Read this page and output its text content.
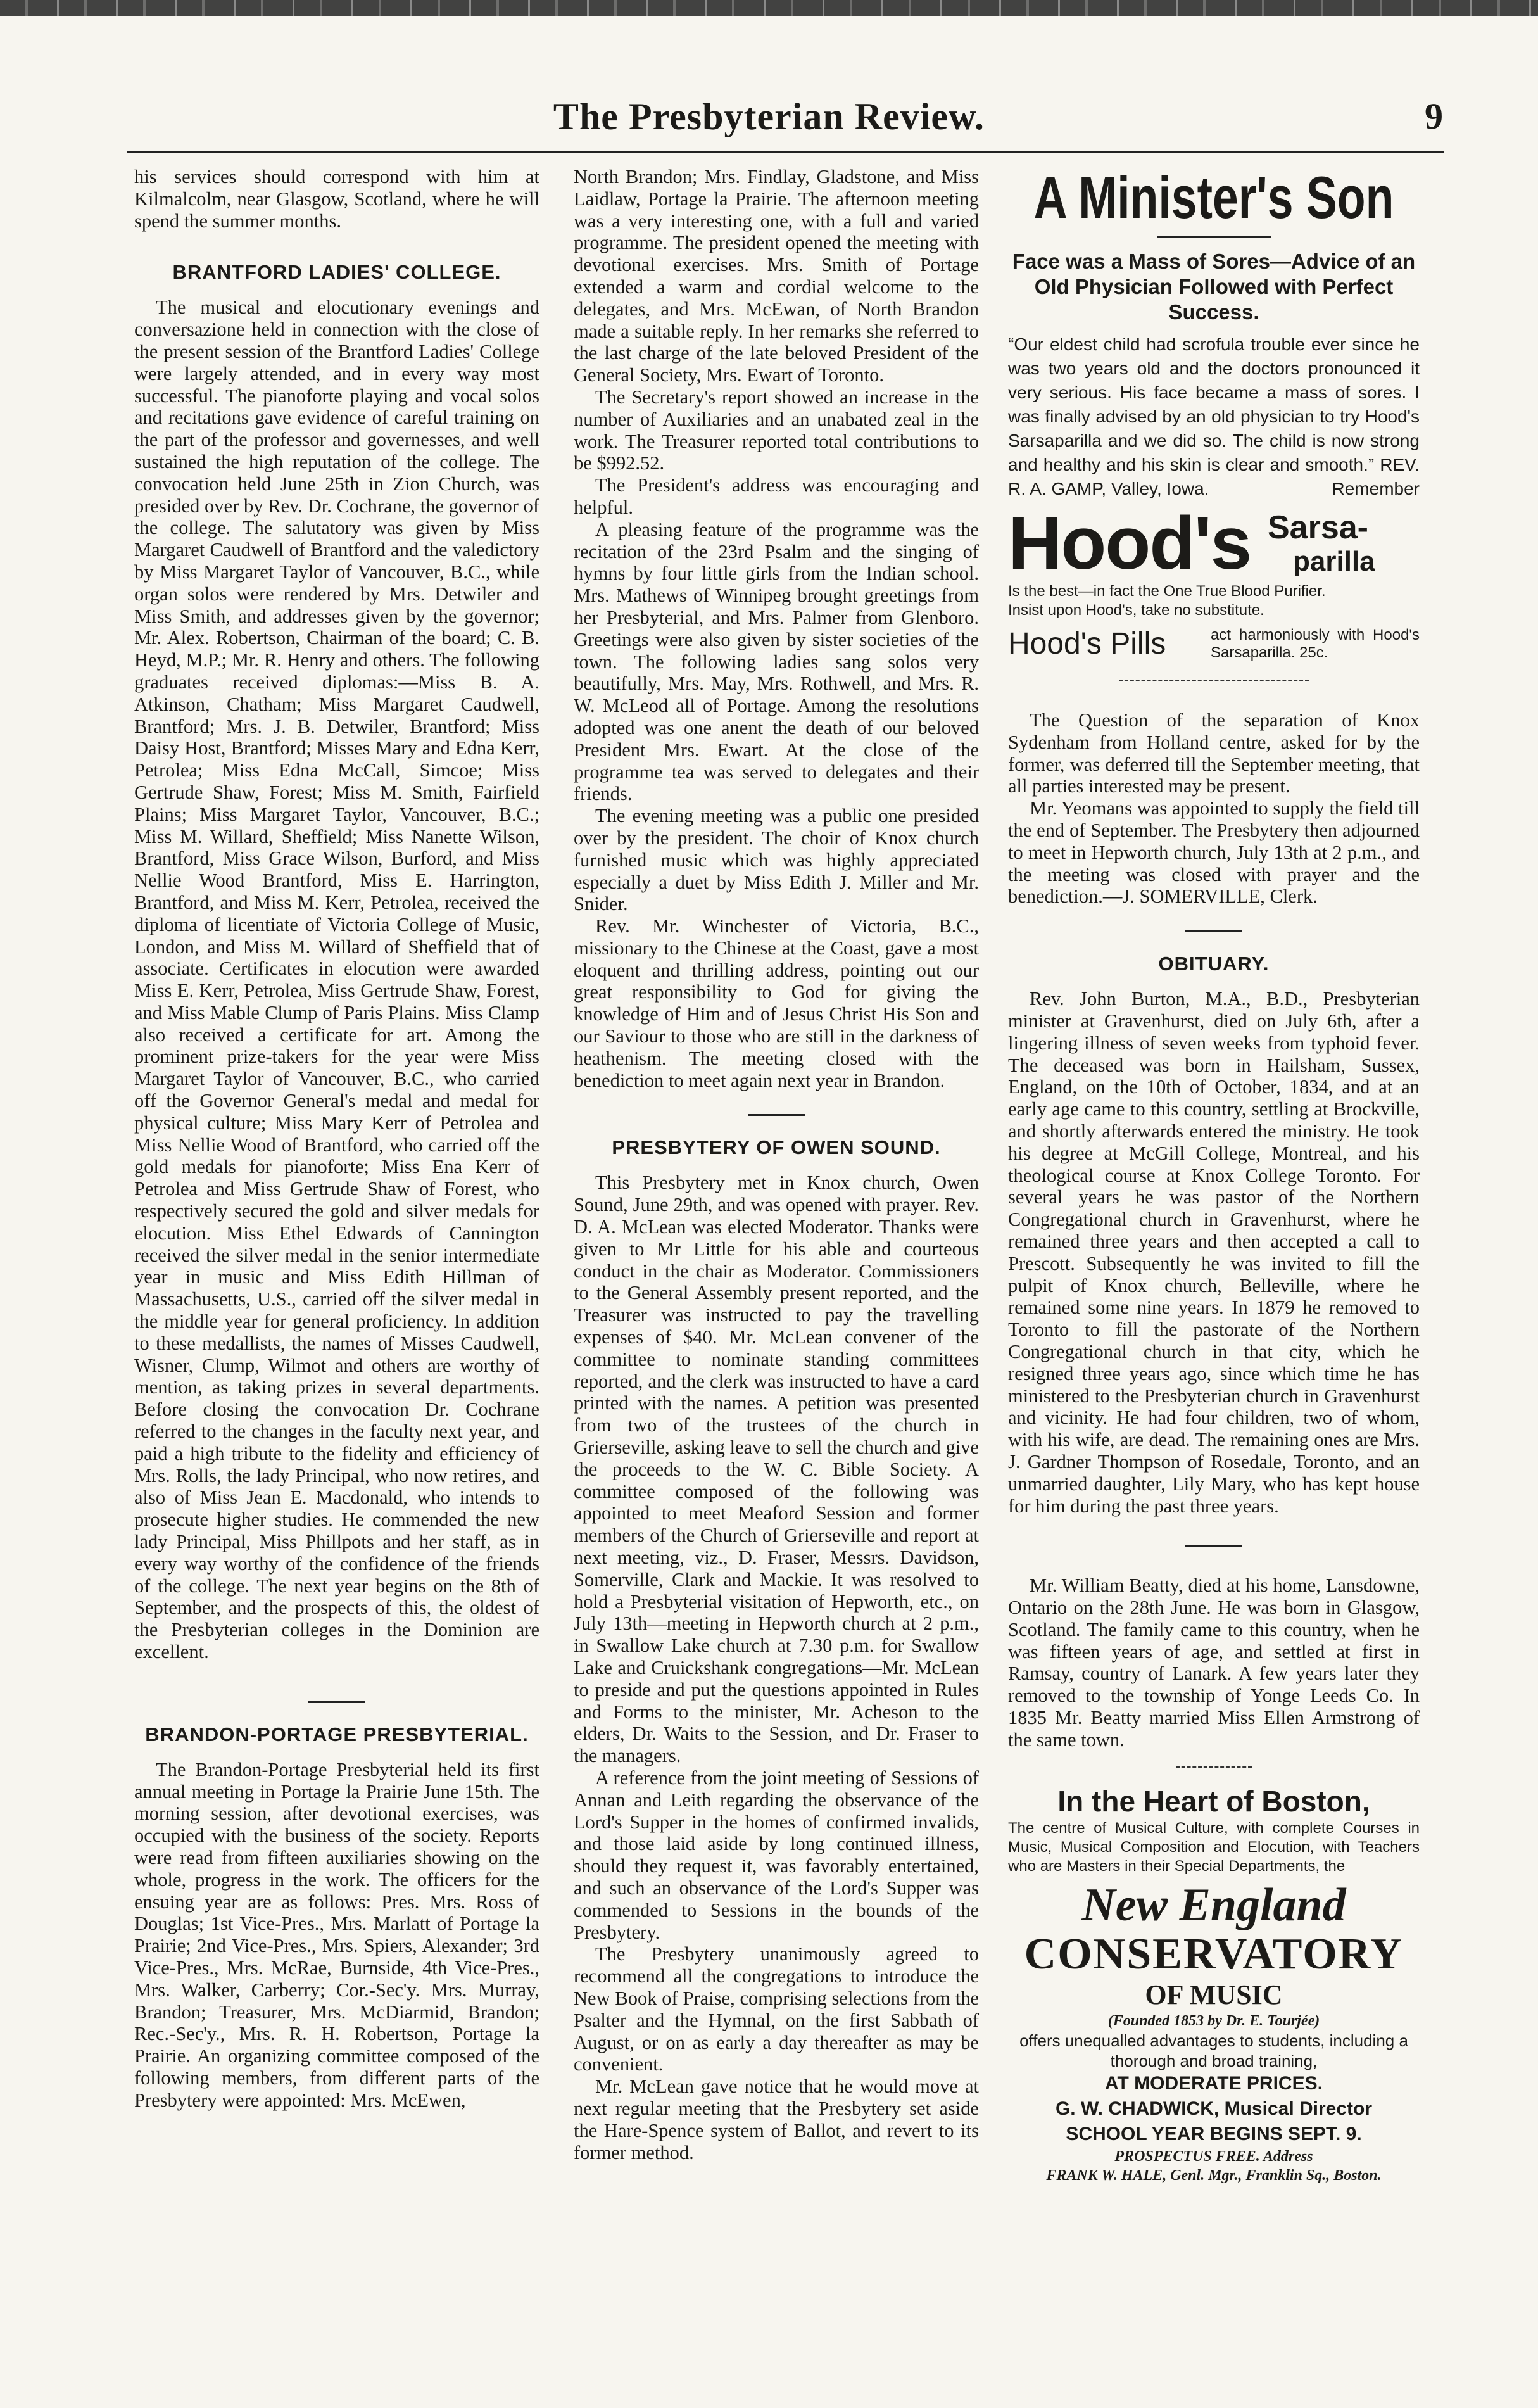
The Presbyterian Review.	9

his services should correspond with him at Kilmalcolm, near Glasgow, Scotland, where he will spend the summer months.

BRANTFORD LADIES' COLLEGE.

The musical and elocutionary evenings and conversazione held in connection with the close of the present session of the Brantford Ladies' College were largely attended, and in every way most successful. The pianoforte playing and vocal solos and recitations gave evidence of careful training on the part of the professor and governesses, and well sustained the high reputation of the college. The convocation held June 25th in Zion Church, was presided over by Rev. Dr. Cochrane, the governor of the college. The salutatory was given by Miss Margaret Caudwell of Brantford and the valedictory by Miss Margaret Taylor of Vancouver, B.C., while organ solos were rendered by Mrs. Detwiler and Miss Smith, and addresses given by the governor; Mr. Alex. Robertson, Chairman of the board; C. B. Heyd, M.P.; Mr. R. Henry and others. The following graduates received diplomas:—Miss B. A. Atkinson, Chatham; Miss Margaret Caudwell, Brantford; Mrs. J. B. Detwiler, Brantford; Miss Daisy Host, Brantford; Misses Mary and Edna Kerr, Petrolea; Miss Edna McCall, Simcoe; Miss Gertrude Shaw, Forest; Miss M. Smith, Fairfield Plains; Miss Margaret Taylor, Vancouver, B.C.; Miss M. Willard, Sheffield; Miss Nanette Wilson, Brantford, Miss Grace Wilson, Burford, and Miss Nellie Wood Brantford, Miss E. Harrington, Brantford, and Miss M. Kerr, Petrolea, received the diploma of licentiate of Victoria College of Music, London, and Miss M. Willard of Sheffield that of associate. Certificates in elocution were awarded Miss E. Kerr, Petrolea, Miss Gertrude Shaw, Forest, and Miss Mable Clump of Paris Plains. Miss Clamp also received a certificate for art. Among the prominent prize-takers for the year were Miss Margaret Taylor of Vancouver, B.C., who carried off the Governor General's medal and medal for physical culture; Miss Mary Kerr of Petrolea and Miss Nellie Wood of Brantford, who carried off the gold medals for pianoforte; Miss Ena Kerr of Petrolea and Miss Gertrude Shaw of Forest, who respectively secured the gold and silver medals for elocution. Miss Ethel Edwards of Cannington received the silver medal in the senior intermediate year in music and Miss Edith Hillman of Massachusetts, U.S., carried off the silver medal in the middle year for general proficiency. In addition to these medallists, the names of Misses Caudwell, Wisner, Clump, Wilmot and others are worthy of mention, as taking prizes in several departments. Before closing the convocation Dr. Cochrane referred to the changes in the faculty next year, and paid a high tribute to the fidelity and efficiency of Mrs. Rolls, the lady Principal, who now retires, and also of Miss Jean E. Macdonald, who intends to prosecute higher studies. He commended the new lady Principal, Miss Phillpots and her staff, as in every way worthy of the confidence of the friends of the college. The next year begins on the 8th of September, and the prospects of this, the oldest of the Presbyterian colleges in the Dominion are excellent.

BRANDON-PORTAGE PRESBYTERIAL.

The Brandon-Portage Presbyterial held its first annual meeting in Portage la Prairie June 15th. The morning session, after devotional exercises, was occupied with the business of the society. Reports were read from fifteen auxiliaries showing on the whole, progress in the work. The officers for the ensuing year are as follows: Pres. Mrs. Ross of Douglas; 1st Vice-Pres., Mrs. Marlatt of Portage la Prairie; 2nd Vice-Pres., Mrs. Spiers, Alexander; 3rd Vice-Pres., Mrs. McRae, Burnside, 4th Vice-Pres., Mrs. Walker, Carberry; Cor.-Sec'y. Mrs. Murray, Brandon; Treasurer, Mrs. McDiarmid, Brandon; Rec.-Sec'y., Mrs. R. H. Robertson, Portage la Prairie. An organizing committee composed of the following members, from different parts of the Presbytery were appointed: Mrs. McEwen,

North Brandon; Mrs. Findlay, Gladstone, and Miss Laidlaw, Portage la Prairie. The afternoon meeting was a very interesting one, with a full and varied programme. The president opened the meeting with devotional exercises. Mrs. Smith of Portage extended a warm and cordial welcome to the delegates, and Mrs. McEwan, of North Brandon made a suitable reply. In her remarks she referred to the last charge of the late beloved President of the General Society, Mrs. Ewart of Toronto.

The Secretary's report showed an increase in the number of Auxiliaries and an unabated zeal in the work. The Treasurer reported total contributions to be $992.52.

The President's address was encouraging and helpful.

A pleasing feature of the programme was the recitation of the 23rd Psalm and the singing of hymns by four little girls from the Indian school. Mrs. Mathews of Winnipeg brought greetings from her Presbyterial, and Mrs. Palmer from Glenboro. Greetings were also given by sister societies of the town. The following ladies sang solos very beautifully, Mrs. May, Mrs. Rothwell, and Mrs. R. W. McLeod all of Portage. Among the resolutions adopted was one anent the death of our beloved President Mrs. Ewart. At the close of the programme tea was served to delegates and their friends.

The evening meeting was a public one presided over by the president. The choir of Knox church furnished music which was highly appreciated especially a duet by Miss Edith J. Miller and Mr. Snider.

Rev. Mr. Winchester of Victoria, B.C., missionary to the Chinese at the Coast, gave a most eloquent and thrilling address, pointing out our great responsibility to God for giving the knowledge of Him and of Jesus Christ His Son and our Saviour to those who are still in the darkness of heathenism. The meeting closed with the benediction to meet again next year in Brandon.

PRESBYTERY OF OWEN SOUND.

This Presbytery met in Knox church, Owen Sound, June 29th, and was opened with prayer. Rev. D. A. McLean was elected Moderator. Thanks were given to Mr Little for his able and courteous conduct in the chair as Moderator. Commissioners to the General Assembly present reported, and the Treasurer was instructed to pay the travelling expenses of $40. Mr. McLean convener of the committee to nominate standing committees reported, and the clerk was instructed to have a card printed with the names. A petition was presented from two of the trustees of the church in Grierseville, asking leave to sell the church and give the proceeds to the W. C. Bible Society. A committee composed of the following was appointed to meet Meaford Session and former members of the Church of Grierseville and report at next meeting, viz., D. Fraser, Messrs. Davidson, Somerville, Clark and Mackie. It was resolved to hold a Presbyterial visitation of Hepworth, etc., on July 13th—meeting in Hepworth church at 2 p.m., in Swallow Lake church at 7.30 p.m. for Swallow Lake and Cruickshank congregations—Mr. McLean to preside and put the questions appointed in Rules and Forms to the minister, Mr. Acheson to the elders, Dr. Waits to the Session, and Dr. Fraser to the managers.

A reference from the joint meeting of Sessions of Annan and Leith regarding the observance of the Lord's Supper in the homes of confirmed invalids, and those laid aside by long continued illness, should they request it, was favorably entertained, and such an observance of the Lord's Supper was commended to Sessions in the bounds of the Presbytery.

The Presbytery unanimously agreed to recommend all the congregations to introduce the New Book of Praise, comprising selections from the Psalter and the Hymnal, on the first Sabbath of August, or on as early a day thereafter as may be convenient.

Mr. McLean gave notice that he would move at next regular meeting that the Presbytery set aside the Hare-Spence system of Ballot, and revert to its former method.

A Minister's Son
Face was a Mass of Sores—Advice of an Old Physician Followed with Perfect Success.
“Our eldest child had scrofula trouble ever since he was two years old and the doctors pronounced it very serious. His face became a mass of sores. I was finally advised by an old physician to try Hood's Sarsaparilla and we did so. The child is now strong and healthy and his skin is clear and smooth.” REV. R. A. GAMP, Valley, Iowa.	Remember
Hood's Sarsa-
parilla
Is the best—in fact the One True Blood Purifier.
Insist upon Hood's, take no substitute.
Hood's Pills	act harmoniously with Hood's Sarsaparilla. 25c.

The Question of the separation of Knox Sydenham from Holland centre, asked for by the former, was deferred till the September meeting, that all parties interested may be present.

Mr. Yeomans was appointed to supply the field till the end of September. The Presbytery then adjourned to meet in Hepworth church, July 13th at 2 p.m., and the meeting was closed with prayer and the benediction.—J. SOMERVILLE, Clerk.

OBITUARY.

Rev. John Burton, M.A., B.D., Presbyterian minister at Gravenhurst, died on July 6th, after a lingering illness of seven weeks from typhoid fever. The deceased was born in Hailsham, Sussex, England, on the 10th of October, 1834, and at an early age came to this country, settling at Brockville, and shortly afterwards entered the ministry. He took his degree at McGill College, Montreal, and his theological course at Knox College Toronto. For several years he was pastor of the Northern Congregational church in Gravenhurst, where he remained three years and then accepted a call to Prescott. Subsequently he was invited to fill the pulpit of Knox church, Belleville, where he remained some nine years. In 1879 he removed to Toronto to fill the pastorate of the Northern Congregational church in that city, which he resigned three years ago, since which time he has ministered to the Presbyterian church in Gravenhurst and vicinity. He had four children, two of whom, with his wife, are dead. The remaining ones are Mrs. J. Gardner Thompson of Rosedale, Toronto, and an unmarried daughter, Lily Mary, who has kept house for him during the past three years.

Mr. William Beatty, died at his home, Lansdowne, Ontario on the 28th June. He was born in Glasgow, Scotland. The family came to this country, when he was fifteen years of age, and settled at first in Ramsay, country of Lanark. A few years later they removed to the township of Yonge Leeds Co. In 1835 Mr. Beatty married Miss Ellen Armstrong of the same town.

In the Heart of Boston,
The centre of Musical Culture, with complete Courses in Music, Musical Composition and Elocution, with Teachers who are Masters in their Special Departments, the
New England
CONSERVATORY
OF MUSIC
(Founded 1853 by Dr. E. Tourjée)
offers unequalled advantages to students, including a thorough and broad training,
AT MODERATE PRICES.
G. W. CHADWICK, Musical Director
SCHOOL YEAR BEGINS SEPT. 9.
PROSPECTUS FREE. Address
FRANK W. HALE, Genl. Mgr., Franklin Sq., Boston.
